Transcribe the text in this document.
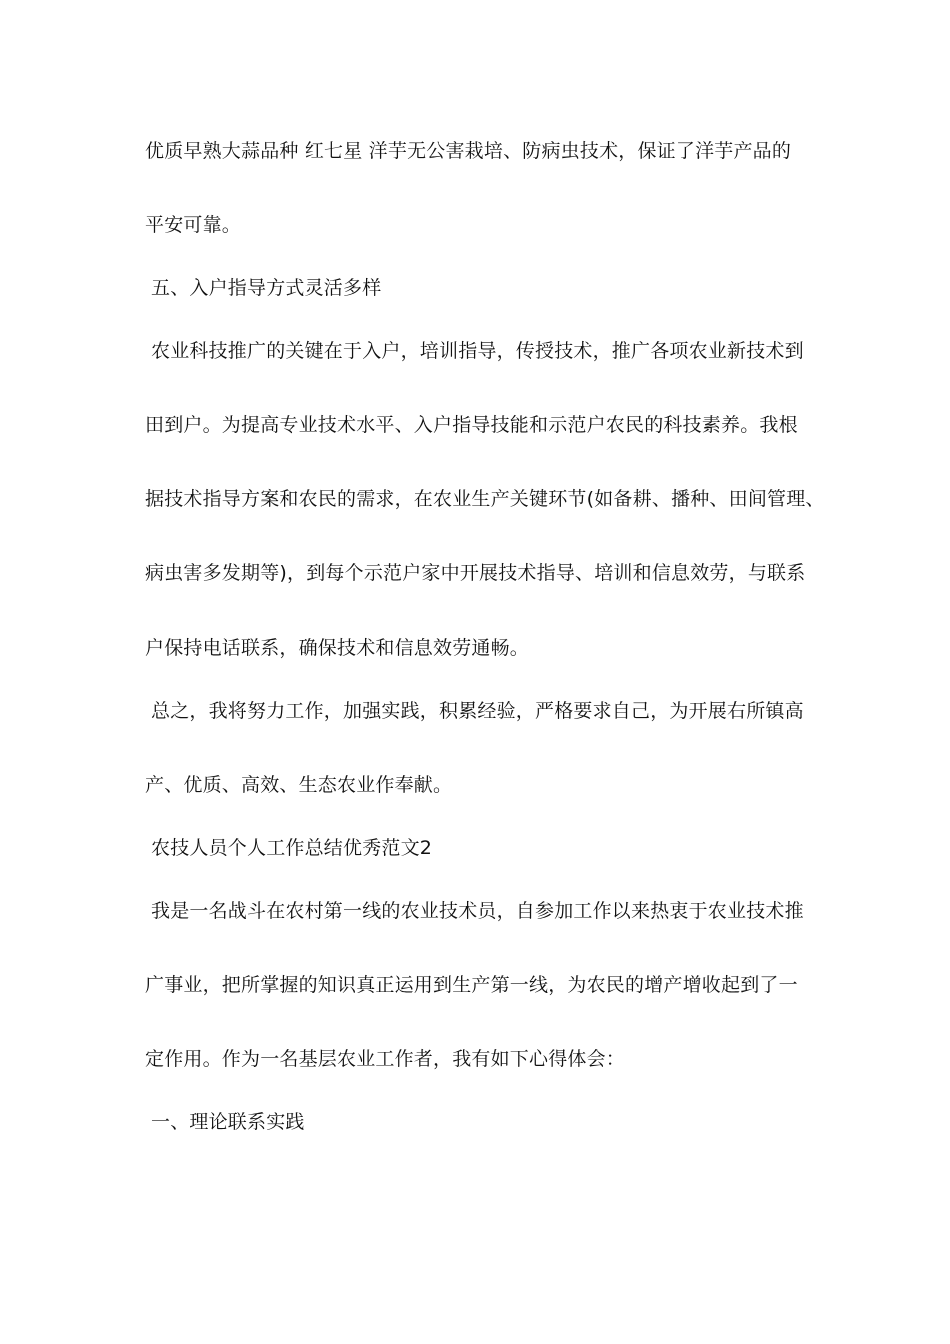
优质早熟大蒜品种 红七星 洋芋无公害栽培、防病虫技术，保证了洋芋产品的
平安可靠。
五、入户指导方式灵活多样
农业科技推广的关键在于入户，培训指导，传授技术，推广各项农业新技术到
田到户。为提高专业技术水平、入户指导技能和示范户农民的科技素养。我根
据技术指导方案和农民的需求，在农业生产关键环节(如备耕、播种、田间管理、
病虫害多发期等)，到每个示范户家中开展技术指导、培训和信息效劳，与联系
户保持电话联系，确保技术和信息效劳通畅。
总之，我将努力工作，加强实践，积累经验，严格要求自己，为开展右所镇高
产、优质、高效、生态农业作奉献。
农技人员个人工作总结优秀范文2
我是一名战斗在农村第一线的农业技术员，自参加工作以来热衷于农业技术推
广事业，把所掌握的知识真正运用到生产第一线，为农民的增产增收起到了一
定作用。作为一名基层农业工作者，我有如下心得体会：
一、理论联系实践
